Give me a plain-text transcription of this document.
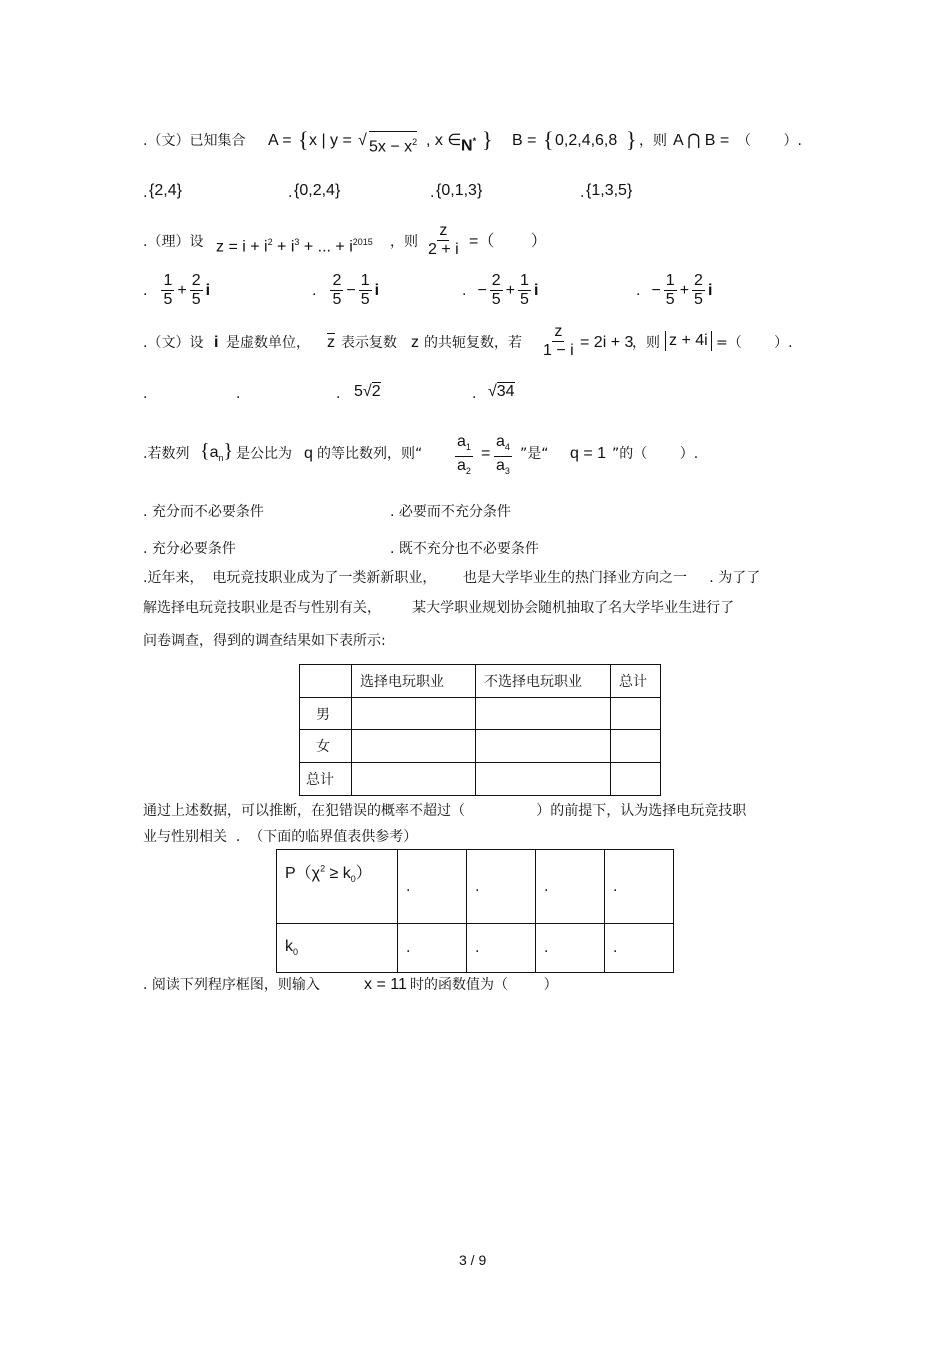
.（文）已知集合 A = { x | y = √ $5x - x^2$ , x ∈ N* } B = { 0,2,4,6,8 } ，则 A ⋂ B = （　　 ）.
. {2,4}	. {0,2,4}	. {0,1,3}	. {1,3,5}
.（理）设 $z = i + i^2 + i^3$ + ... + $i^{2015}$ ，则 $\frac{z}{2 + i}$ =（　　 ）
. $\frac{1}{5} + \frac{2}{5}$ i	. $\frac{2}{5} - \frac{1}{5}$ i	. − $\frac{2}{5} + \frac{1}{5}$ i	. − $\frac{1}{5} + \frac{2}{5}$ i
.（文）设 i 是虚数单位， $\overline{z}$ 表示复数 z 的共轭复数，若 $\frac{z}{1 - i} = 2i + 3$
，则 z + 4i =（　　 ）.
.	.	. 5√2	. √34
.若数列 $\{a_n\}$ 是公比为 q 的等比数列，则“ $\frac{a_1}{a_2} = \frac{a_4}{a_3}$ ”是“ q = 1 ”的（　　 ）.
. 充分而不必要条件	. 必要而不充分条件
. 充分必要条件	. 既不充分也不必要条件
.近年来，  电玩竞技职业成为了一类新新职业，      也是大学毕业生的热门择业方向之一     . 为了了
解选择电玩竞技职业是否与性别有关，       某大学职业规划协会随机抽取了名大学毕业生进行了
问卷调查，得到的调查结果如下表所示:
	选择电玩职业	不选择电玩职业	总计
男			
女			
总计			
通过上述数据，可以推断，在犯错误的概率不超过（                ）的前提下，认为选择电玩竞技职
业与性别相关  .  （下面的临界值表供参考）
$P(\chi^2 \ge k_0)$	.	.	.	.
$k_0$	.	.	.	.
. 阅读下列程序框图，则输入	x = 11 时的函数值为（        ）
3 / 9
